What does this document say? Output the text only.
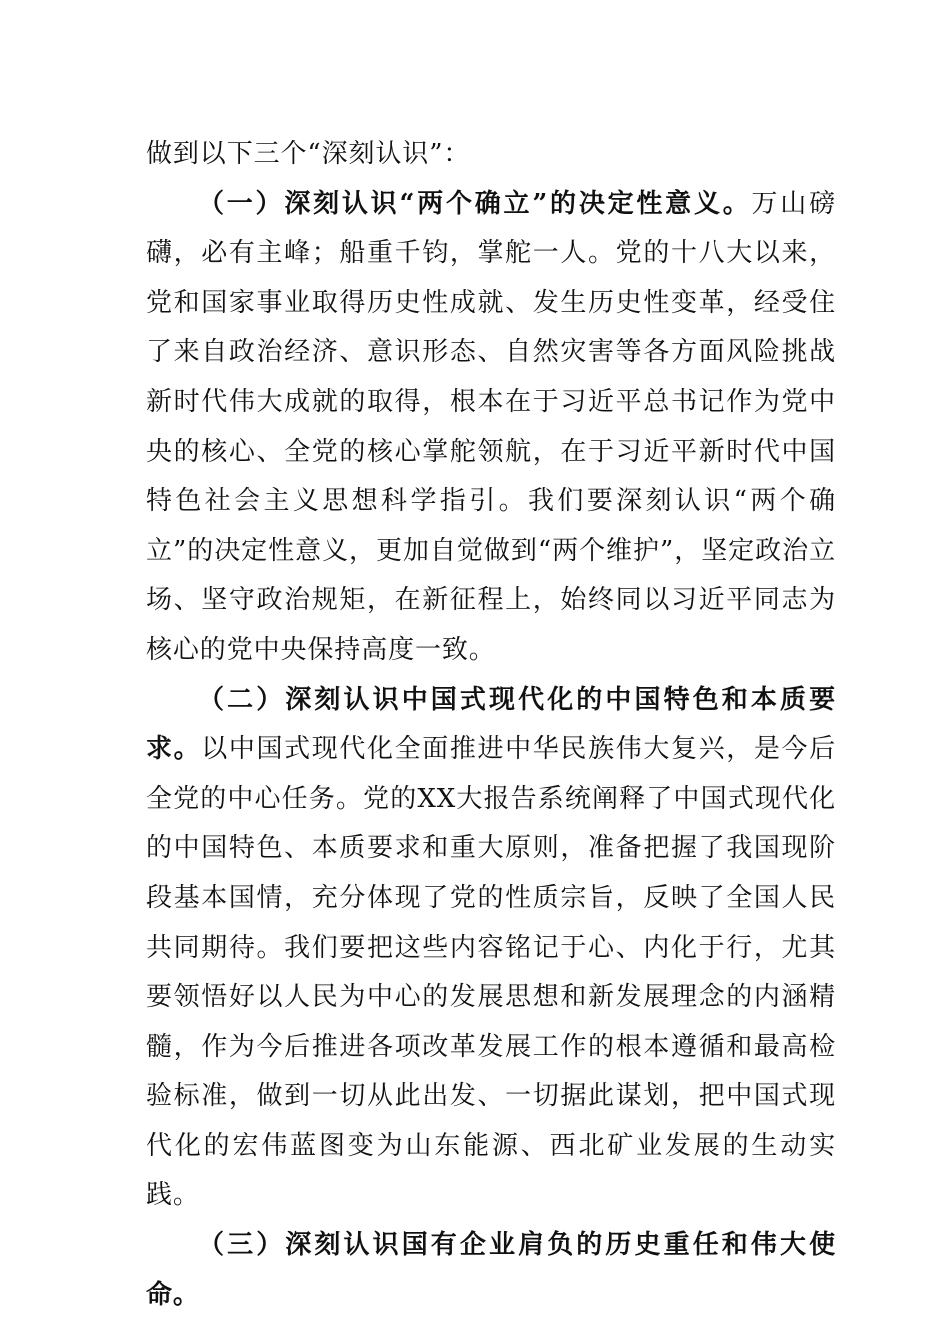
做到以下三个“深刻认识”：

（一）深刻认识“两个确立”的决定性意义。万山磅礴，必有主峰；船重千钧，掌舵一人。党的十八大以来，党和国家事业取得历史性成就、发生历史性变革，经受住了来自政治经济、意识形态、自然灾害等各方面风险挑战新时代伟大成就的取得，根本在于习近平总书记作为党中央的核心、全党的核心掌舵领航，在于习近平新时代中国特色社会主义思想科学指引。我们要深刻认识“两个确立”的决定性意义，更加自觉做到“两个维护”，坚定政治立场、坚守政治规矩，在新征程上，始终同以习近平同志为核心的党中央保持高度一致。

（二）深刻认识中国式现代化的中国特色和本质要求。以中国式现代化全面推进中华民族伟大复兴，是今后全党的中心任务。党的XX大报告系统阐释了中国式现代化的中国特色、本质要求和重大原则，准备把握了我国现阶段基本国情，充分体现了党的性质宗旨，反映了全国人民共同期待。我们要把这些内容铭记于心、内化于行，尤其要领悟好以人民为中心的发展思想和新发展理念的内涵精髓，作为今后推进各项改革发展工作的根本遵循和最高检验标准，做到一切从此出发、一切据此谋划，把中国式现代化的宏伟蓝图变为山东能源、西北矿业发展的生动实践。

（三）深刻认识国有企业肩负的历史重任和伟大使命。
